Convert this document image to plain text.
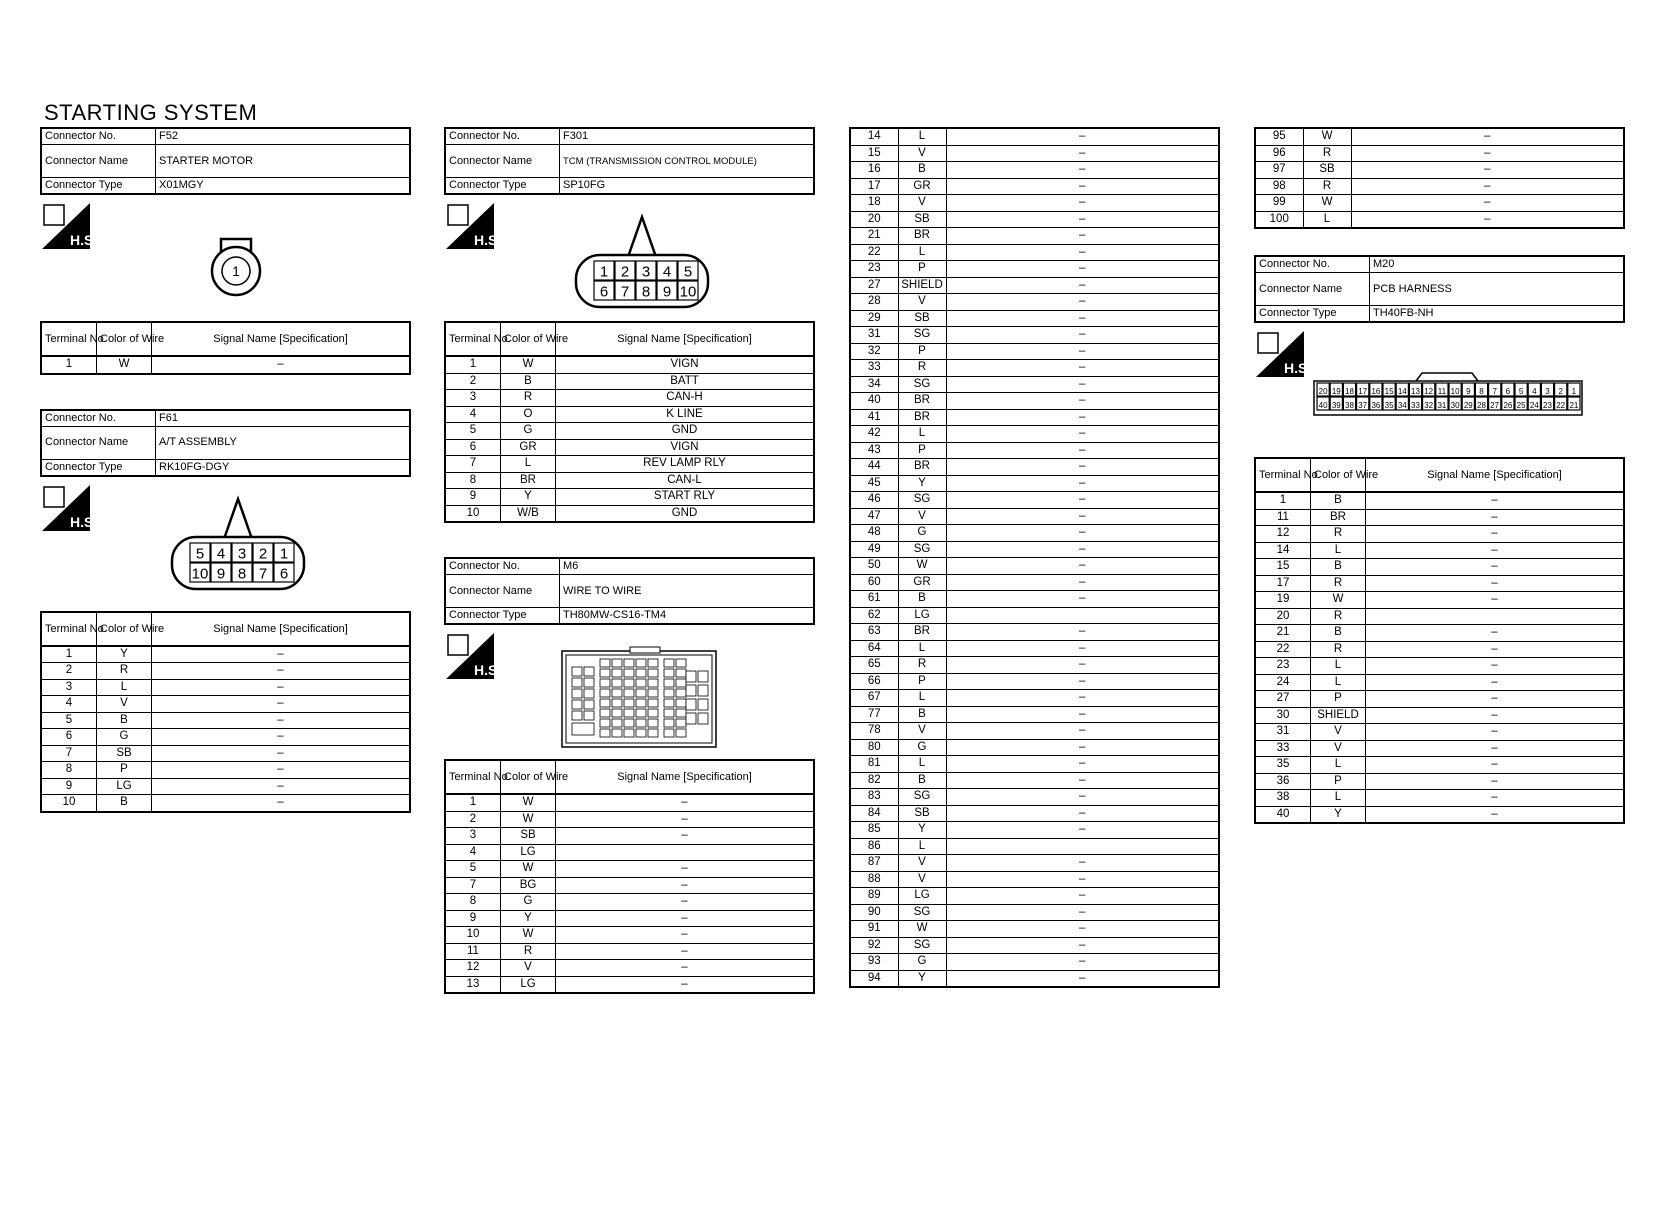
STARTING SYSTEM
Connector No.	F52
Connector Name	STARTER MOTOR
Connector Type	X01MGY
H.S.
1
Terminal No.	Color of Wire	Signal Name [Specification]
1	W	–
Connector No.	F61
Connector Name	A/T ASSEMBLY
Connector Type	RK10FG-DGY
H.S.
5 4 3 2 1
10 9 8 7 6
Terminal No.	Color of Wire	Signal Name [Specification]
1	Y	–
2	R	–
3	L	–
4	V	–
5	B	–
6	G	–
7	SB	–
8	P	–
9	LG	–
10	B	–
Connector No.	F301
Connector Name	TCM (TRANSMISSION CONTROL MODULE)
Connector Type	SP10FG
H.S.
1 2 3 4 5
6 7 8 9 10
Terminal No.	Color of Wire	Signal Name [Specification]
1	W	VIGN
2	B	BATT
3	R	CAN-H
4	O	K LINE
5	G	GND
6	GR	VIGN
7	L	REV LAMP RLY
8	BR	CAN-L
9	Y	START RLY
10	W/B	GND
Connector No.	M6
Connector Name	WIRE TO WIRE
Connector Type	TH80MW-CS16-TM4
H.S.
Terminal No.	Color of Wire	Signal Name [Specification]
1	W	–
2	W	–
3	SB	–
4	LG	
5	W	–
7	BG	–
8	G	–
9	Y	–
10	W	–
11	R	–
12	V	–
13	LG	–
14	L	–
15	V	–
16	B	–
17	GR	–
18	V	–
20	SB	–
21	BR	–
22	L	–
23	P	–
27	SHIELD	–
28	V	–
29	SB	–
31	SG	–
32	P	–
33	R	–
34	SG	–
40	BR	–
41	BR	–
42	L	–
43	P	–
44	BR	–
45	Y	–
46	SG	–
47	V	–
48	G	–
49	SG	–
50	W	–
60	GR	–
61	B	–
62	LG	
63	BR	–
64	L	–
65	R	–
66	P	–
67	L	–
77	B	–
78	V	–
80	G	–
81	L	–
82	B	–
83	SG	–
84	SB	–
85	Y	–
86	L	
87	V	–
88	V	–
89	LG	–
90	SG	–
91	W	–
92	SG	–
93	G	–
94	Y	–
95	W	–
96	R	–
97	SB	–
98	R	–
99	W	–
100	L	–
Connector No.	M20
Connector Name	PCB HARNESS
Connector Type	TH40FB-NH
H.S.
20 19 18 17 16 15 14 13 12 11 10 9 8 7 6 5 4 3 2 1
40 39 38 37 36 35 34 33 32 31 30 29 28 27 26 25 24 23 22 21
Terminal No.	Color of Wire	Signal Name [Specification]
1	B	–
11	BR	–
12	R	–
14	L	–
15	B	–
17	R	–
19	W	–
20	R	
21	B	–
22	R	–
23	L	–
24	L	–
27	P	–
30	SHIELD	–
31	V	–
33	V	–
35	L	–
36	P	–
38	L	–
40	Y	–
